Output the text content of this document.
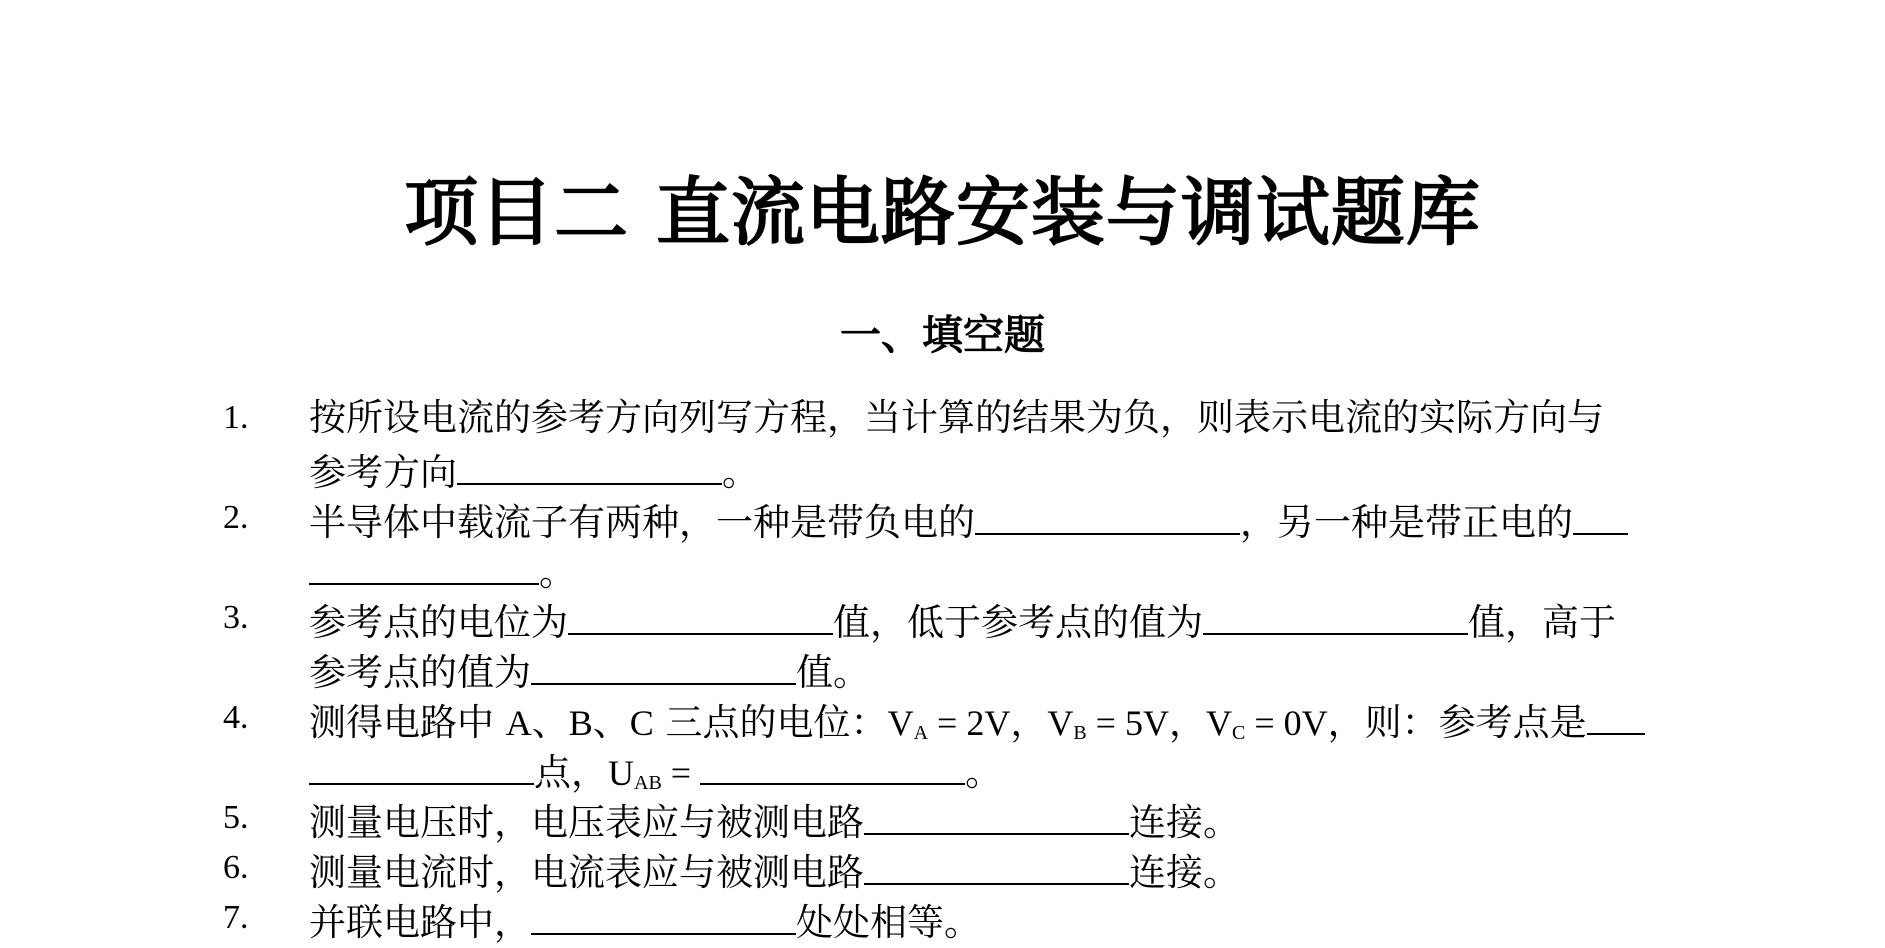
项目二 直流电路安装与调试题库
一、填空题
1. 按所设电流的参考方向列写方程，当计算的结果为负，则表示电流的实际方向与
参考方向	。
2. 半导体中载流子有两种，一种是带负电的	，另一种是带正电的
。
3. 参考点的电位为	值，低于参考点的值为	值，高于
参考点的值为	值。
4. 测得电路中 A、B、C 三点的电位：$V_A = 2V$，$V_B = 5V$，$V_C = 0V$，则：参考点是
点，$U_{AB}$ =	。
5. 测量电压时，电压表应与被测电路	连接。
6. 测量电流时，电流表应与被测电路	连接。
7. 并联电路中，	处处相等。
